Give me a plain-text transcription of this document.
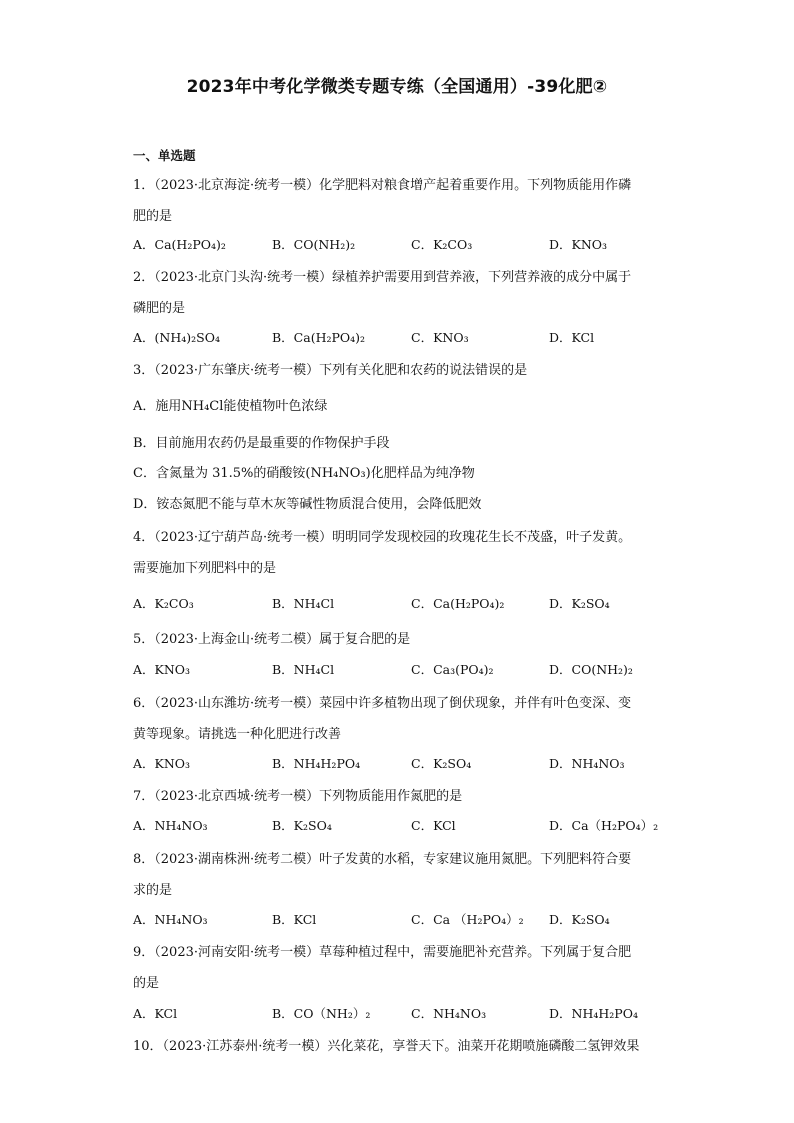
2023年中考化学微类专题专练（全国通用）-39化肥②
一、单选题
1．（2023·北京海淀·统考一模）化学肥料对粮食增产起着重要作用。下列物质能用作磷
肥的是
A．Ca(H₂PO₄)₂	B．CO(NH₂)₂	C．K₂CO₃	D．KNO₃
2．（2023·北京门头沟·统考一模）绿植养护需要用到营养液，下列营养液的成分中属于
磷肥的是
A．(NH₄)₂SO₄	B．Ca(H₂PO₄)₂	C．KNO₃	D．KCl
3．（2023·广东肇庆·统考一模）下列有关化肥和农药的说法错误的是
A．施用NH₄Cl能使植物叶色浓绿
B．目前施用农药仍是最重要的作物保护手段
C．含氮量为 31.5%的硝酸铵(NH₄NO₃)化肥样品为纯净物
D．铵态氮肥不能与草木灰等碱性物质混合使用，会降低肥效
4．（2023·辽宁葫芦岛·统考一模）明明同学发现校园的玫瑰花生长不茂盛，叶子发黄。
需要施加下列肥料中的是
A．K₂CO₃	B．NH₄Cl	C．Ca(H₂PO₄)₂	D．K₂SO₄
5．（2023·上海金山·统考二模）属于复合肥的是
A．KNO₃	B．NH₄Cl	C．Ca₃(PO₄)₂	D．CO(NH₂)₂
6．（2023·山东潍坊·统考一模）菜园中许多植物出现了倒伏现象，并伴有叶色变深、变
黄等现象。请挑选一种化肥进行改善
A．KNO₃	B．NH₄H₂PO₄	C．K₂SO₄	D．NH₄NO₃
7．（2023·北京西城·统考一模）下列物质能用作氮肥的是
A．NH₄NO₃	B．K₂SO₄	C．KCl	D．Ca（H₂PO₄）₂
8．（2023·湖南株洲·统考二模）叶子发黄的水稻，专家建议施用氮肥。下列肥料符合要
求的是
A．NH₄NO₃	B．KCl	C．Ca （H₂PO₄）₂ D．K₂SO₄
9．（2023·河南安阳·统考一模）草莓种植过程中，需要施肥补充营养。下列属于复合肥
的是
A．KCl	B．CO（NH₂）₂	C．NH₄NO₃	D．NH₄H₂PO₄
10．（2023·江苏泰州·统考一模）兴化菜花，享誉天下。油菜开花期喷施磷酸二氢钾效果
